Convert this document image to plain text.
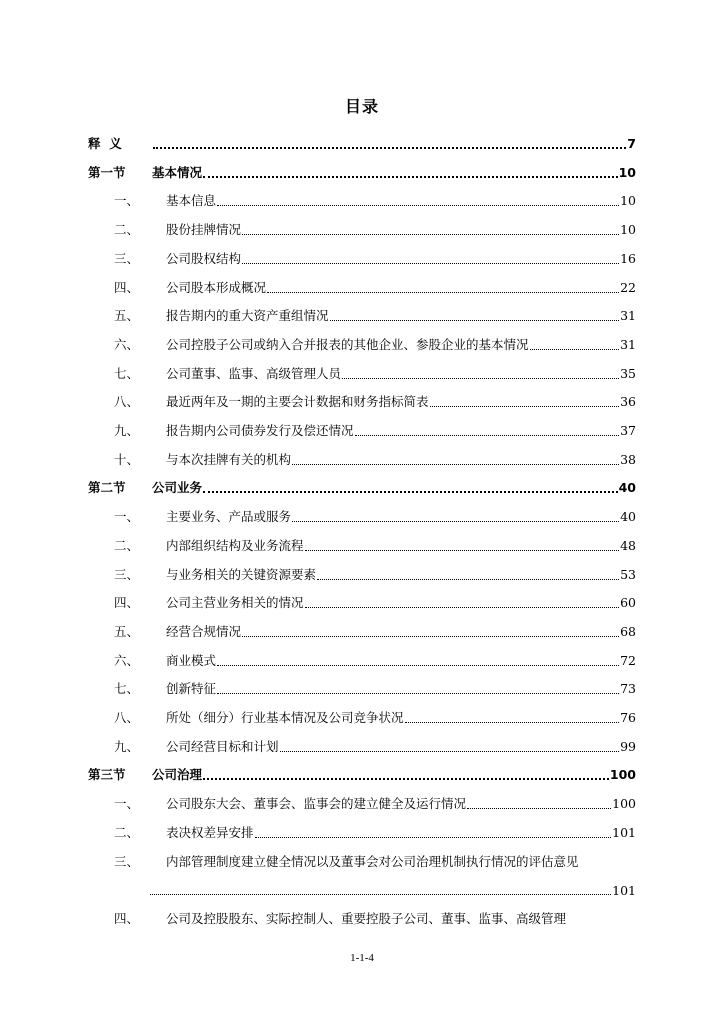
目录
释  义	7
第一节	基本情况	10
一、	基本信息	10
二、	股份挂牌情况	10
三、	公司股权结构	16
四、	公司股本形成概况	22
五、	报告期内的重大资产重组情况	31
六、	公司控股子公司或纳入合并报表的其他企业、参股企业的基本情况	31
七、	公司董事、监事、高级管理人员	35
八、	最近两年及一期的主要会计数据和财务指标简表	36
九、	报告期内公司债券发行及偿还情况	37
十、	与本次挂牌有关的机构	38
第二节	公司业务	40
一、	主要业务、产品或服务	40
二、	内部组织结构及业务流程	48
三、	与业务相关的关键资源要素	53
四、	公司主营业务相关的情况	60
五、	经营合规情况	68
六、	商业模式	72
七、	创新特征	73
八、	所处（细分）行业基本情况及公司竞争状况	76
九、	公司经营目标和计划	99
第三节	公司治理	100
一、	公司股东大会、董事会、监事会的建立健全及运行情况	100
二、	表决权差异安排	101
三、	内部管理制度建立健全情况以及董事会对公司治理机制执行情况的评估意见
101
四、	公司及控股股东、实际控制人、重要控股子公司、董事、监事、高级管理
1-1-4
